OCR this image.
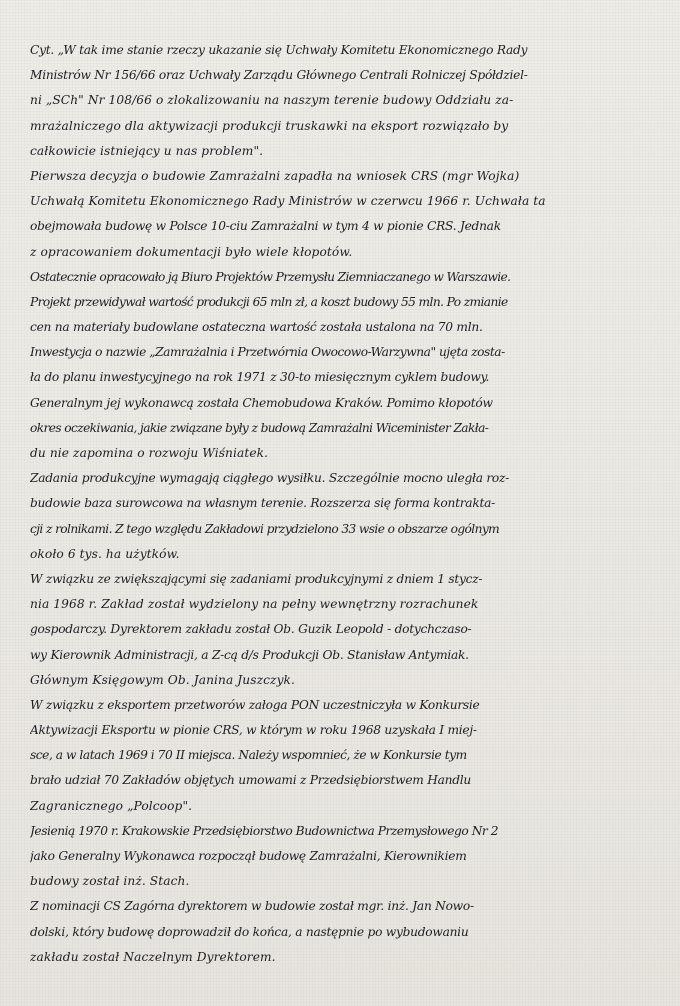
Cyt. „W tak ime stanie rzeczy ukazanie się Uchwały Komitetu Ekonomicznego Rady
Ministrów Nr 156/66 oraz Uchwały Zarządu Głównego Centrali Rolniczej Spółdziel-
ni „SCh" Nr 108/66 o zlokalizowaniu na naszym terenie budowy Oddziału za-
mrażalniczego dla aktywizacji produkcji truskawki na eksport rozwiązało by
całkowicie istniejący u nas problem".
Pierwsza decyzja o budowie Zamrażalni zapadła na wniosek CRS (mgr Wojka)
Uchwałą Komitetu Ekonomicznego Rady Ministrów w czerwcu 1966 r. Uchwała ta
obejmowała budowę w Polsce 10-ciu Zamrażalni w tym 4 w pionie CRS. Jednak
z opracowaniem dokumentacji było wiele kłopotów.
Ostatecznie opracowało ją Biuro Projektów Przemysłu Ziemniaczanego w Warszawie.
Projekt przewidywał wartość produkcji 65 mln zł, a koszt budowy 55 mln. Po zmianie
cen na materiały budowlane ostateczna wartość została ustalona na 70 mln.
Inwestycja o nazwie „Zamrażalnia i Przetwórnia Owocowo-Warzywna" ujęta zosta-
ła do planu inwestycyjnego na rok 1971 z 30-to miesięcznym cyklem budowy.
Generalnym jej wykonawcą została Chemobudowa Kraków. Pomimo kłopotów
okres oczekiwania, jakie związane były z budową Zamrażalni Wiceminister Zakła-
du nie zapomina o rozwoju Wiśniatek.
Zadania produkcyjne wymagają ciągłego wysiłku. Szczególnie mocno uległa roz-
budowie baza surowcowa na własnym terenie. Rozszerza się forma kontrakta-
cji z rolnikami. Z tego względu Zakładowi przydzielono 33 wsie o obszarze ogólnym
około 6 tys. ha użytków.
W związku ze zwiększającymi się zadaniami produkcyjnymi z dniem 1 stycz-
nia 1968 r. Zakład został wydzielony na pełny wewnętrzny rozrachunek
gospodarczy. Dyrektorem zakładu został Ob. Guzik Leopold - dotychczaso-
wy Kierownik Administracji, a Z-cą d/s Produkcji Ob. Stanisław Antymiak.
Głównym Księgowym Ob. Janina Juszczyk.
W związku z eksportem przetworów załoga PON uczestniczyła w Konkursie
Aktywizacji Eksportu w pionie CRS, w którym w roku 1968 uzyskała I miej-
sce, a w latach 1969 i 70 II miejsca. Należy wspomnieć, że w Konkursie tym
brało udział 70 Zakładów objętych umowami z Przedsiębiorstwem Handlu
Zagranicznego „Polcoop".
Jesienią 1970 r. Krakowskie Przedsiębiorstwo Budownictwa Przemysłowego Nr 2
jako Generalny Wykonawca rozpoczął budowę Zamrażalni, Kierownikiem
budowy został inż. Stach.
Z nominacji CS Zagórna dyrektorem w budowie został mgr. inż. Jan Nowo-
dolski, który budowę doprowadził do końca, a następnie po wybudowaniu
zakładu został Naczelnym Dyrektorem.
